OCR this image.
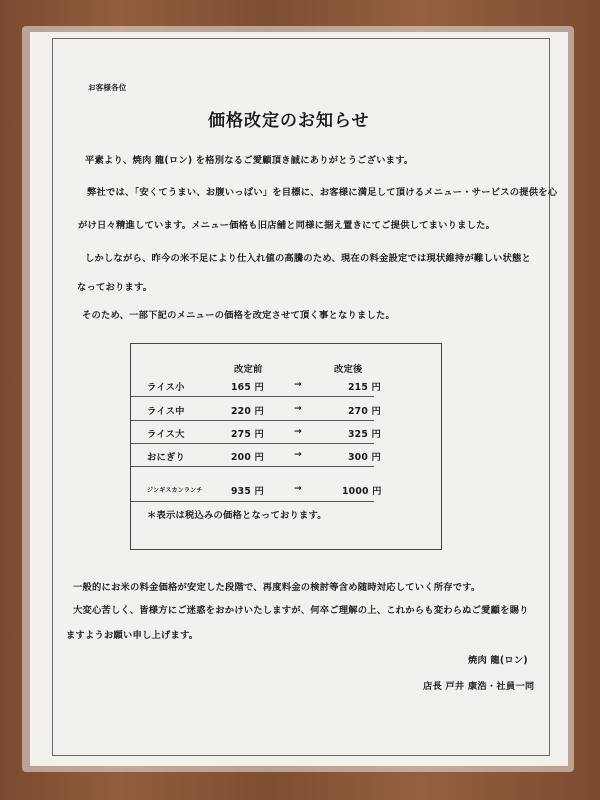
お客様各位
価格改定のお知らせ
平素より、焼肉 龍(ロン) を格別なるご愛顧頂き誠にありがとうございます。
弊社では、「安くてうまい、お腹いっぱい」を目標に、お客様に満足して頂けるメニュー・サービスの提供を心
がけ日々精進しています。メニュー価格も旧店舗と同様に据え置きにてご提供してまいりました。
しかしながら、昨今の米不足により仕入れ値の高騰のため、現在の料金設定では現状維持が難しい状態と
なっております。
そのため、一部下記のメニューの価格を改定させて頂く事となりました。
改定前	改定後
ライス小	165 円	→	215 円
ライス中	220 円	→	270 円
ライス大	275 円	→	325 円
おにぎり	200 円	→	300 円
ジンギスカンランチ	935 円	→	1000 円
＊表示は税込みの価格となっております。
一般的にお米の料金価格が安定した段階で、再度料金の検討等含め随時対応していく所存です。
大変心苦しく、皆様方にご迷惑をおかけいたしますが、何卒ご理解の上、これからも変わらぬご愛顧を賜り
ますようお願い申し上げます。
焼肉 龍(ロン)
店長 戸井 康浩・社員一同
